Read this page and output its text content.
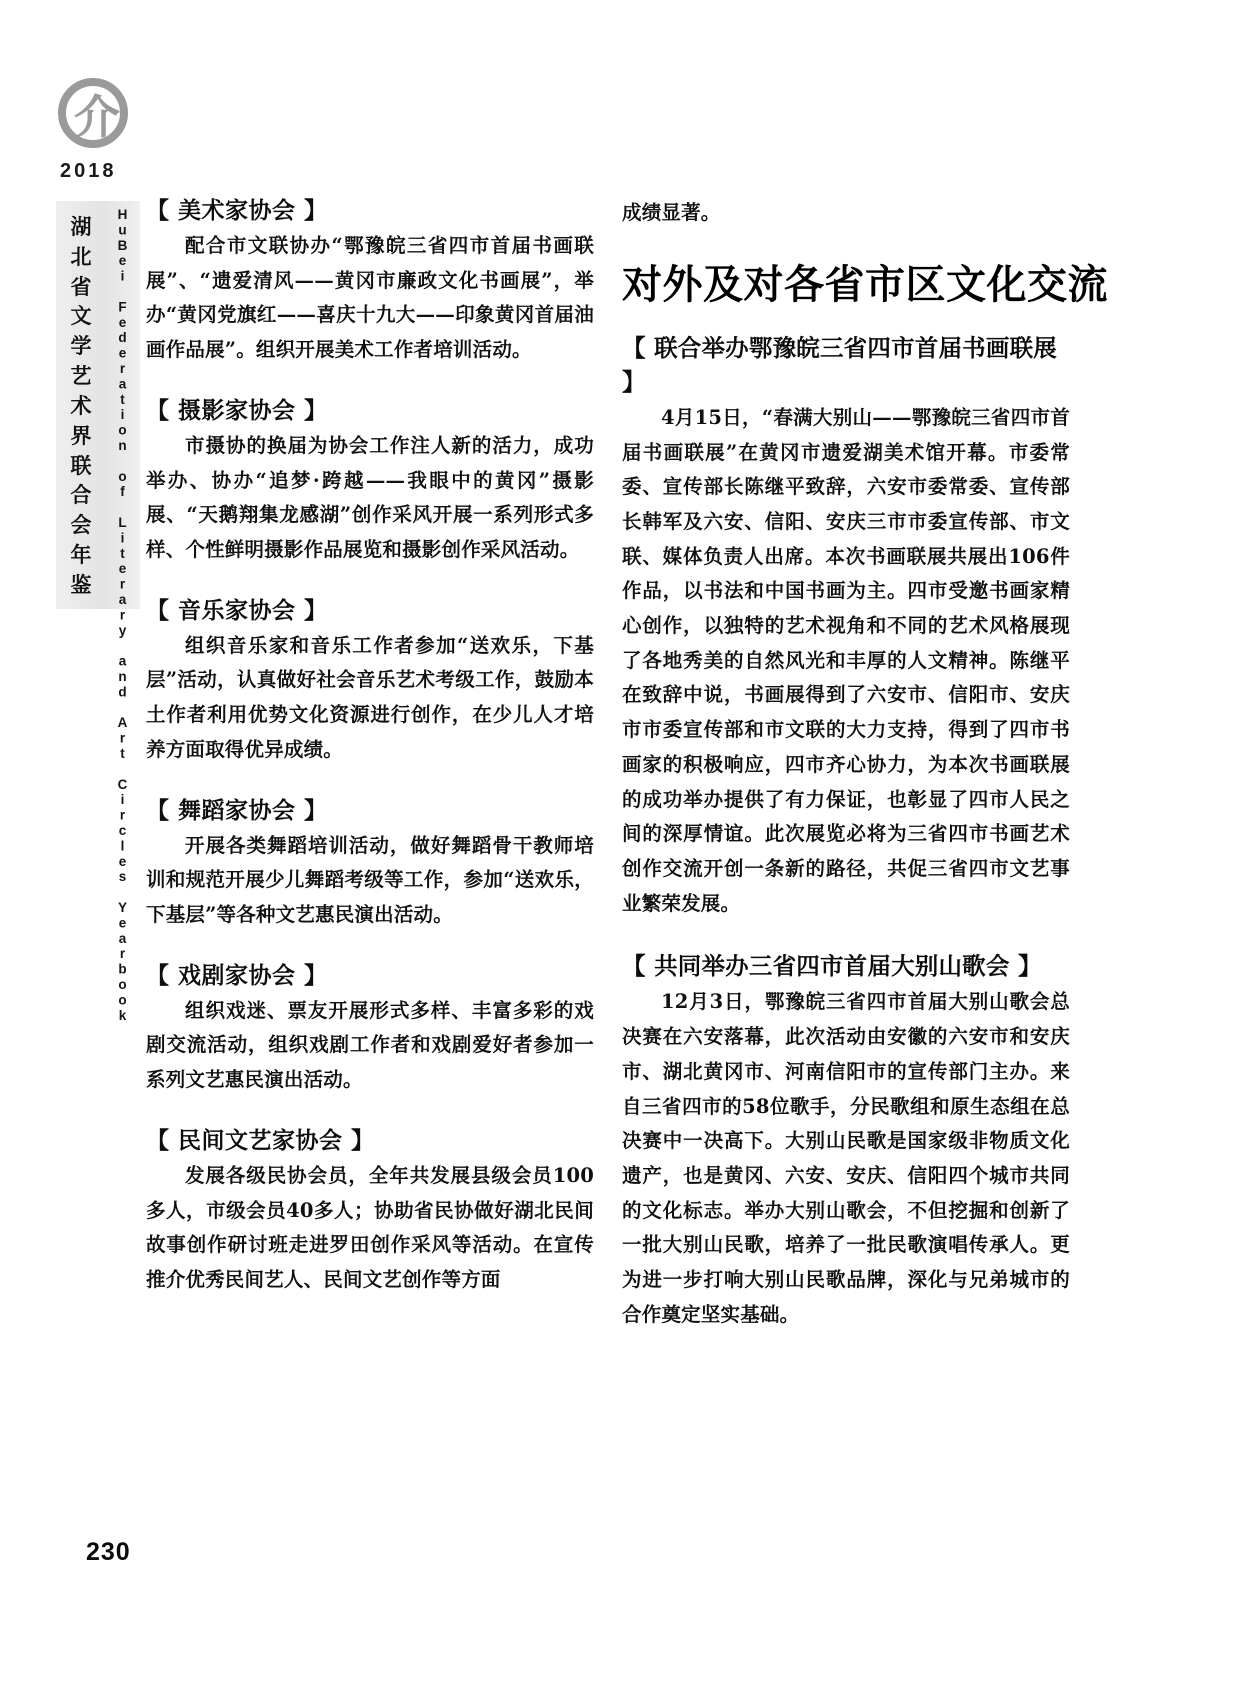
介
2018
湖
北
省
文
学
艺
术
界
联
合
会
年
鉴	HuBei Federation of Literary and Art Circles Yearbook 【 美术家协会 】

配合市文联协办“鄂豫皖三省四市首届书画联展”、“遗爱清风——黄冈市廉政文化书画展”，举办“黄冈党旗红——喜庆十九大——印象黄冈首届油画作品展”。组织开展美术工作者培训活动。

【 摄影家协会 】

市摄协的换届为协会工作注人新的活力，成功举办、协办“追梦·跨越——我眼中的黄冈”摄影展、“天鹅翔集龙感湖”创作采风开展一系列形式多样、个性鲜明摄影作品展览和摄影创作采风活动。

【 音乐家协会 】

组织音乐家和音乐工作者参加“送欢乐，下基层”活动，认真做好社会音乐艺术考级工作，鼓励本土作者利用优势文化资源进行创作，在少儿人才培养方面取得优异成绩。

【 舞蹈家协会 】

开展各类舞蹈培训活动，做好舞蹈骨干教师培训和规范开展少儿舞蹈考级等工作，参加“送欢乐，下基层”等各种文艺惠民演出活动。

【 戏剧家协会 】

组织戏迷、票友开展形式多样、丰富多彩的戏剧交流活动，组织戏剧工作者和戏剧爱好者参加一系列文艺惠民演出活动。

【 民间文艺家协会 】

发展各级民协会员，全年共发展县级会员100多人，市级会员40多人；协助省民协做好湖北民间故事创作研讨班走进罗田创作采风等活动。在宣传推介优秀民间艺人、民间文艺创作等方面

成绩显著。

对外及对各省市区文化交流
【 联合举办鄂豫皖三省四市首届书画联展 】

4月15日，“春满大别山——鄂豫皖三省四市首届书画联展”在黄冈市遗爱湖美术馆开幕。市委常委、宣传部长陈继平致辞，六安市委常委、宣传部长韩军及六安、信阳、安庆三市市委宣传部、市文联、媒体负责人出席。本次书画联展共展出106件作品，以书法和中国书画为主。四市受邀书画家精心创作，以独特的艺术视角和不同的艺术风格展现了各地秀美的自然风光和丰厚的人文精神。陈继平在致辞中说，书画展得到了六安市、信阳市、安庆市市委宣传部和市文联的大力支持，得到了四市书画家的积极响应，四市齐心协力，为本次书画联展的成功举办提供了有力保证，也彰显了四市人民之间的深厚情谊。此次展览必将为三省四市书画艺术创作交流开创一条新的路径，共促三省四市文艺事业繁荣发展。

【 共同举办三省四市首届大别山歌会 】

12月3日，鄂豫皖三省四市首届大别山歌会总决赛在六安落幕，此次活动由安徽的六安市和安庆市、湖北黄冈市、河南信阳市的宣传部门主办。来自三省四市的58位歌手，分民歌组和原生态组在总决赛中一决高下。大别山民歌是国家级非物质文化遗产，也是黄冈、六安、安庆、信阳四个城市共同的文化标志。举办大别山歌会，不但挖掘和创新了一批大别山民歌，培养了一批民歌演唱传承人。更为进一步打响大别山民歌品牌，深化与兄弟城市的合作奠定坚实基础。

230
